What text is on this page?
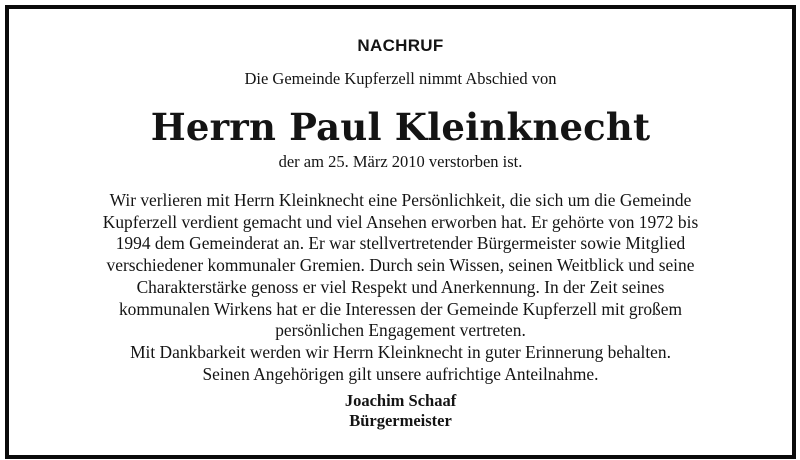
NACHRUF
Die Gemeinde Kupferzell nimmt Abschied von
Herrn Paul Kleinknecht
der am 25. März 2010 verstorben ist.
Wir verlieren mit Herrn Kleinknecht eine Persönlichkeit, die sich um die Gemeinde
Kupferzell verdient gemacht und viel Ansehen erworben hat. Er gehörte von 1972 bis
1994 dem Gemeinderat an. Er war stellvertretender Bürgermeister sowie Mitglied
verschiedener kommunaler Gremien. Durch sein Wissen, seinen Weitblick und seine
Charakterstärke genoss er viel Respekt und Anerkennung. In der Zeit seines
kommunalen Wirkens hat er die Interessen der Gemeinde Kupferzell mit großem
persönlichen Engagement vertreten.
Mit Dankbarkeit werden wir Herrn Kleinknecht in guter Erinnerung behalten.
Seinen Angehörigen gilt unsere aufrichtige Anteilnahme.
Joachim Schaaf
Bürgermeister
